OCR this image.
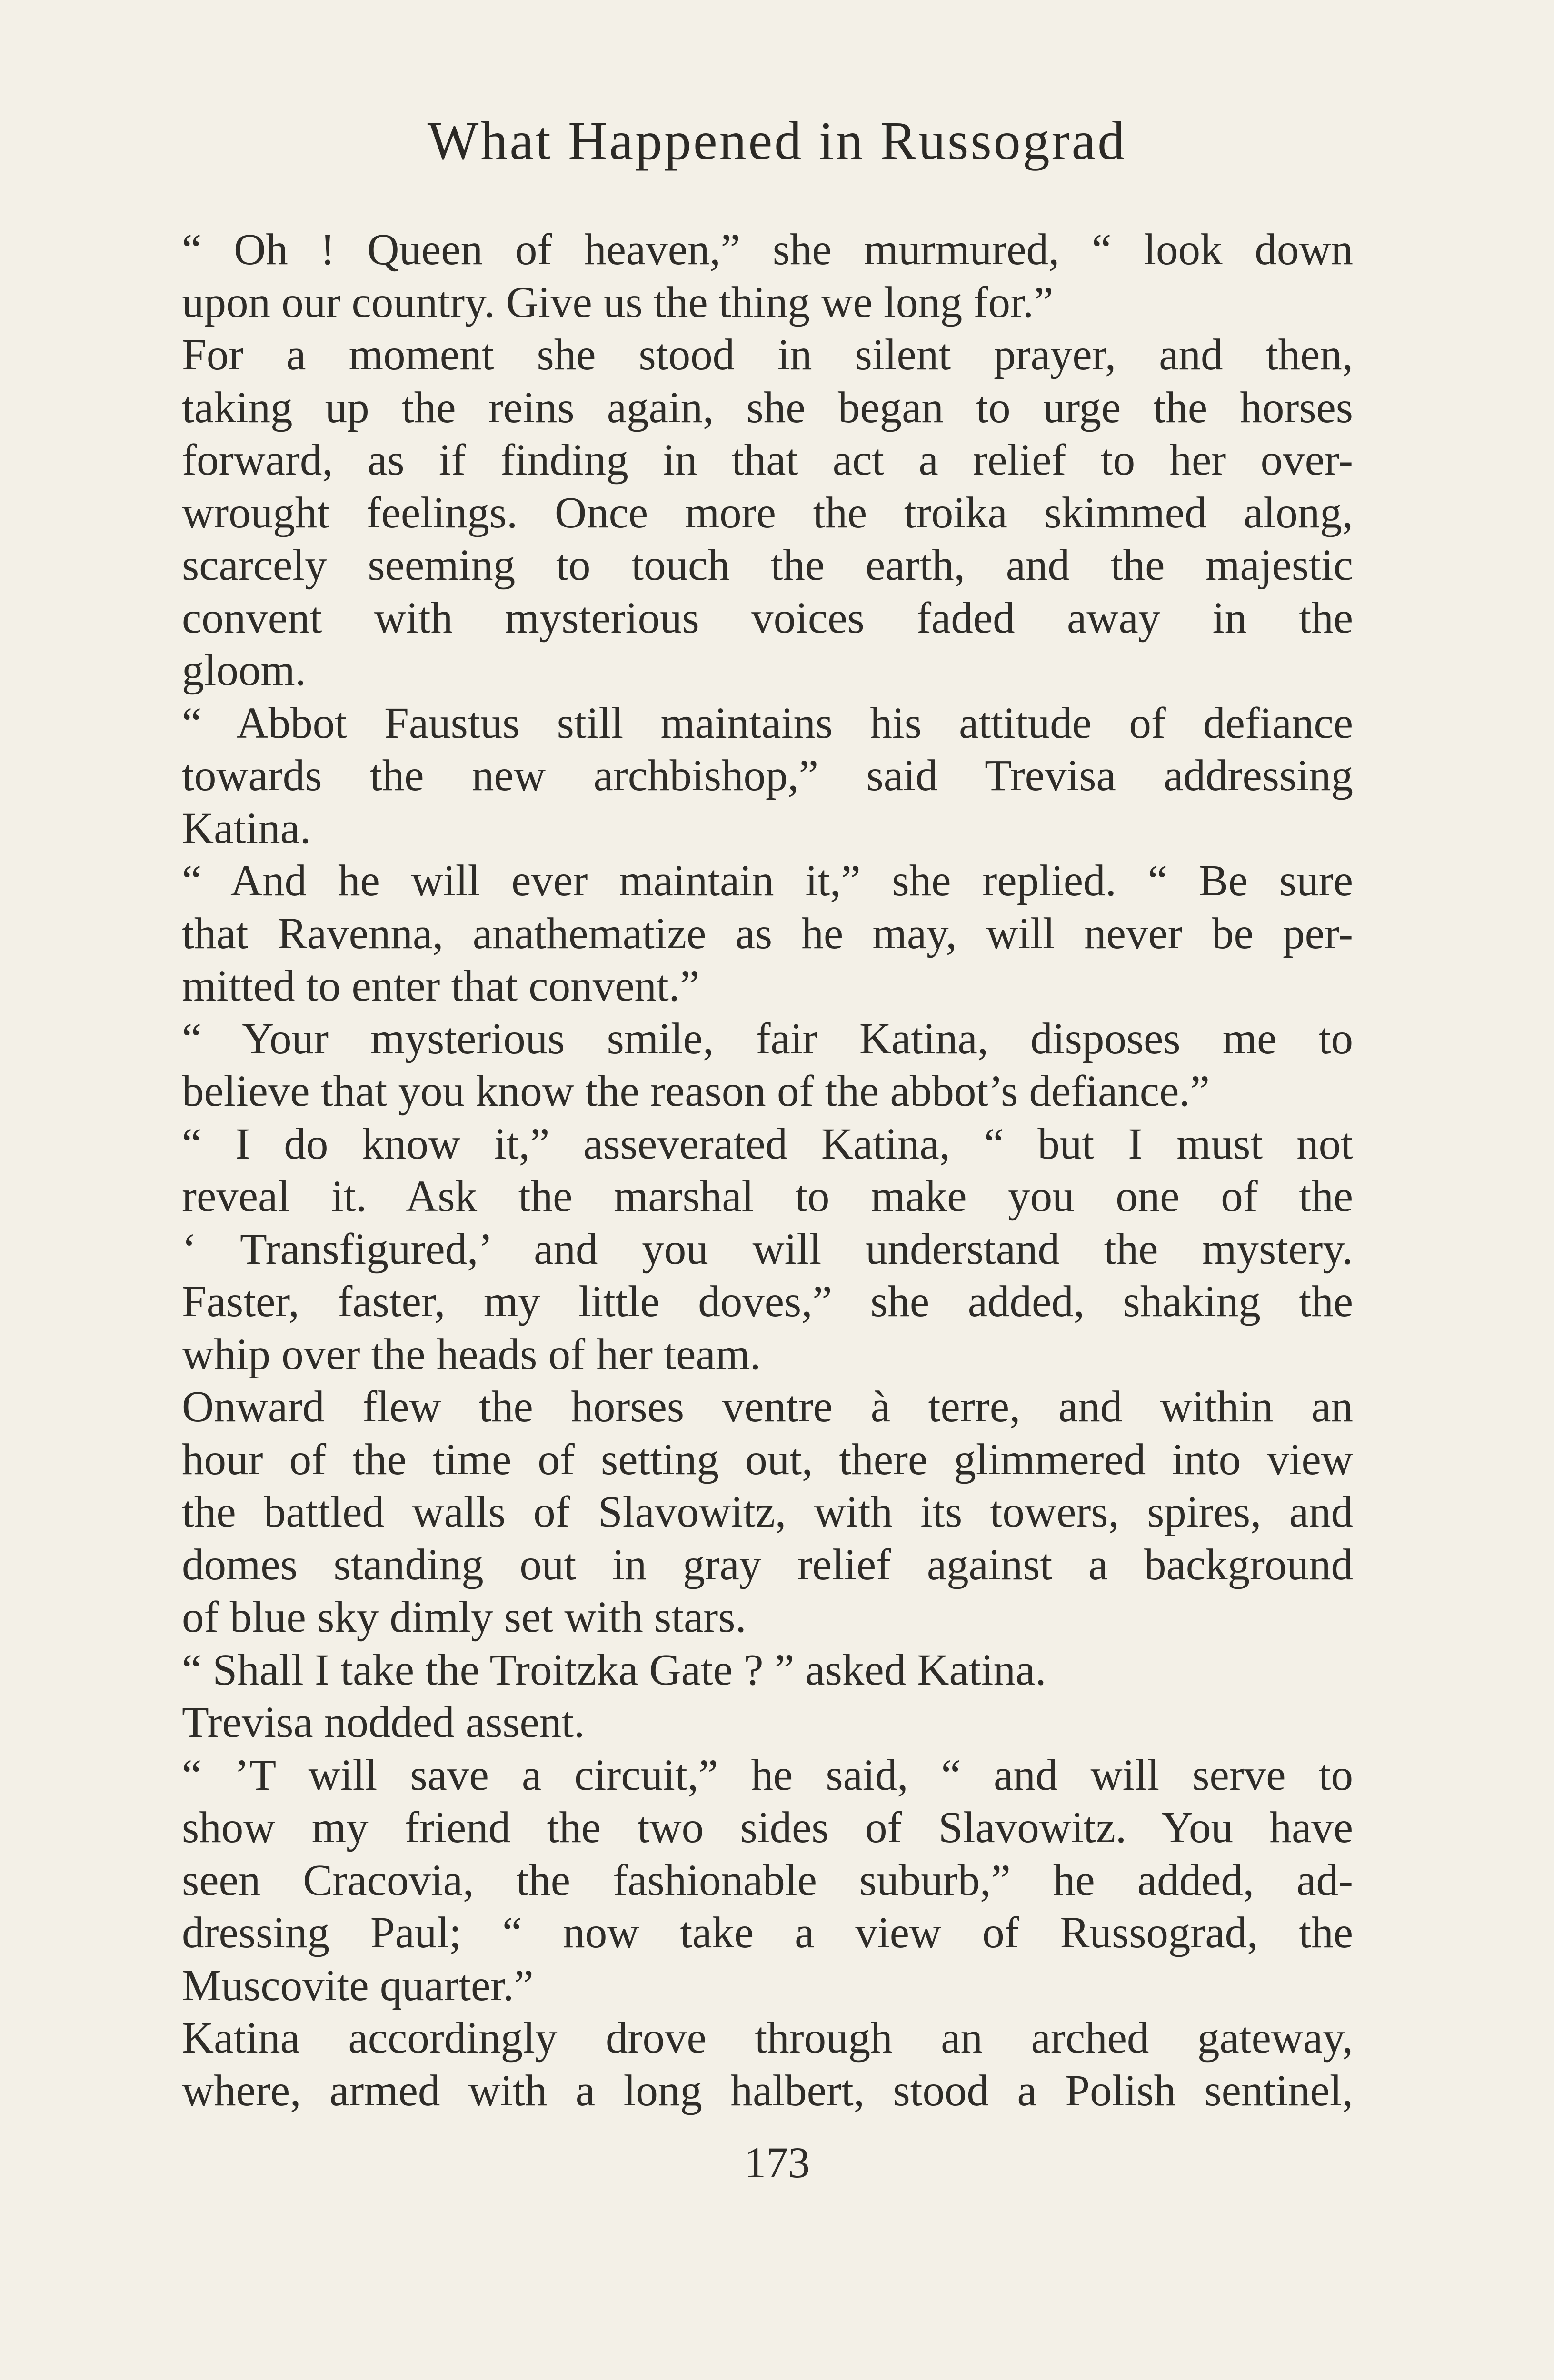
What Happened in Russograd

“ Oh ! Queen of heaven,” she murmured, “ look down
upon our country. Give us the thing we long for.”

For a moment she stood in silent prayer, and then,
taking up the reins again, she began to urge the horses
forward, as if finding in that act a relief to her over-
wrought feelings. Once more the troika skimmed along,
scarcely seeming to touch the earth, and the majestic
convent with mysterious voices faded away in the
gloom.

“ Abbot Faustus still maintains his attitude of defiance
towards the new archbishop,” said Trevisa addressing
Katina.

“ And he will ever maintain it,” she replied. “ Be sure
that Ravenna, anathematize as he may, will never be per-
mitted to enter that convent.”

“ Your mysterious smile, fair Katina, disposes me to
believe that you know the reason of the abbot’s defiance.”

“ I do know it,” asseverated Katina, “ but I must not
reveal it. Ask the marshal to make you one of the
‘ Transfigured,’ and you will understand the mystery.
Faster, faster, my little doves,” she added, shaking the
whip over the heads of her team.

Onward flew the horses ventre à terre, and within an
hour of the time of setting out, there glimmered into view
the battled walls of Slavowitz, with its towers, spires, and
domes standing out in gray relief against a background
of blue sky dimly set with stars.

“ Shall I take the Troitzka Gate ? ” asked Katina.

Trevisa nodded assent.

“ ’T will save a circuit,” he said, “ and will serve to
show my friend the two sides of Slavowitz. You have
seen Cracovia, the fashionable suburb,” he added, ad-
dressing Paul; “ now take a view of Russograd, the
Muscovite quarter.”

Katina accordingly drove through an arched gateway,
where, armed with a long halbert, stood a Polish sentinel,

173
